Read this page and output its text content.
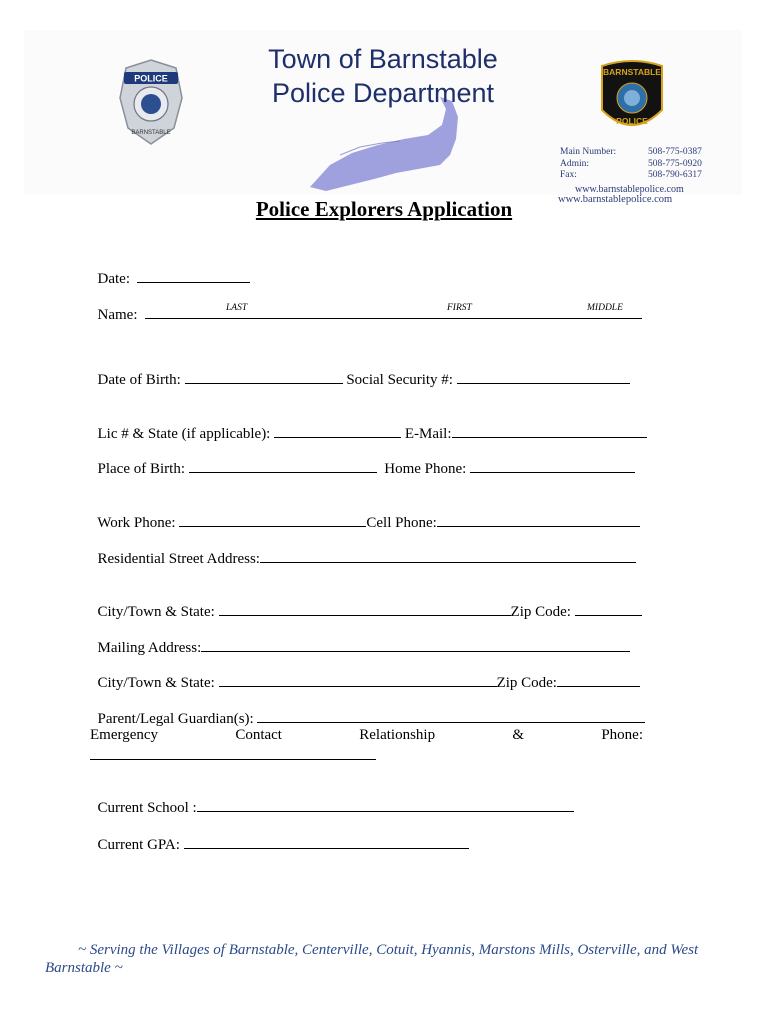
POLICE
BARNSTABLE
BARNSTABLE
POLICE
Town of Barnstable
Police Department
Main Number:	508-775-0387
Admin:	508-775-0920
Fax:	508-790-6317
www.barnstablepolice.com
www.barnstablepolice.com
Police Explorers Application

Date:

Name:	LAST	FIRST	MIDDLE

Date of Birth:	Social Security #:

Lic # & State (if applicable):	E-Mail:

Place of Birth:	Home Phone:

Work Phone:	Cell Phone:

Residential Street Address:

City/Town & State:	Zip Code:

Mailing Address:

City/Town & State:	Zip Code:

Parent/Legal Guardian(s):

Emergency	Contact	Relationship	&	Phone:

Current School :

Current GPA:

~ Serving the Villages of Barnstable, Centerville, Cotuit, Hyannis, Marstons Mills, Osterville, and West Barnstable ~
